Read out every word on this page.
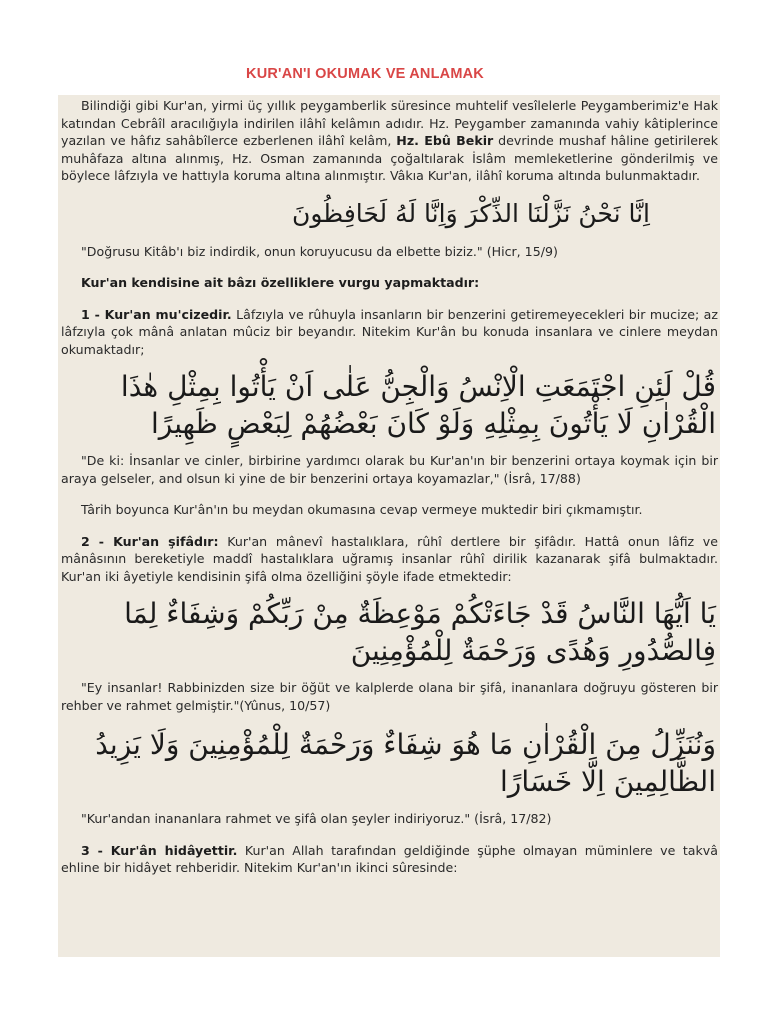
KUR'AN'I OKUMAK VE ANLAMAK

Bilindiği gibi Kur'an, yirmi üç yıllık peygamberlik süresince muhtelif vesîlelerle Peygamberimiz'e Hak katından Cebrâîl aracılığıyla indirilen ilâhî kelâmın adıdır. Hz. Peygamber zamanında vahiy kâtiplerince yazılan ve hâfız sahâbîlerce ezberlenen ilâhî kelâm, Hz. Ebû Bekir devrinde mushaf hâline getirilerek muhâfaza altına alınmış, Hz. Osman zamanında çoğaltılarak İslâm memleketlerine gönderilmiş ve böylece lâfzıyla ve hattıyla koruma altına alınmıştır. Vâkıa Kur'an, ilâhî koruma altında bulunmaktadır.

اِنَّا نَحْنُ نَزَّلْنَا الذِّكْرَ وَاِنَّا لَهُ لَحَافِظُونَ

"Doğrusu Kitâb'ı biz indirdik, onun koruyucusu da elbette biziz." (Hicr, 15/9)

Kur'an kendisine ait bâzı özelliklere vurgu yapmaktadır:

1 - Kur'an mu'cizedir. Lâfzıyla ve rûhuyla insanların bir benzerini getiremeyecekleri bir mucize; az lâfzıyla çok mânâ anlatan mûciz bir beyandır. Nitekim Kur'ân bu konuda insanlara ve cinlere meydan okumaktadır;

قُلْ لَئِنِ اجْتَمَعَتِ الْاِنْسُ وَالْجِنُّ عَلٰى اَنْ يَأْتُوا بِمِثْلِ هٰذَا

الْقُرْاٰنِ لَا يَأْتُونَ بِمِثْلِهِ وَلَوْ كَانَ بَعْضُهُمْ لِبَعْضٍ ظَهِيرًا

"De ki: İnsanlar ve cinler, birbirine yardımcı olarak bu Kur'an'ın bir benzerini ortaya koymak için bir araya gelseler, and olsun ki yine de bir benzerini ortaya koyamazlar," (İsrâ, 17/88)

Târih boyunca Kur'ân'ın bu meydan okumasına cevap vermeye muktedir biri çıkmamıştır.

2 - Kur'an şifâdır: Kur'an mânevî hastalıklara, rûhî dertlere bir şifâdır. Hattâ onun lâfiz ve mânâsının bereketiyle maddî hastalıklara uğramış insanlar rûhî dirilik kazanarak şifâ bulmaktadır. Kur'an iki âyetiyle kendisinin şifâ olma özelliğini şöyle ifade etmektedir:

يَا اَيُّهَا النَّاسُ قَدْ جَاءَتْكُمْ مَوْعِظَةٌ مِنْ رَبِّكُمْ وَشِفَاءٌ لِمَا

فِالصُّدُورِ وَهُدًى وَرَحْمَةٌ لِلْمُؤْمِنِينَ

"Ey insanlar! Rabbinizden size bir öğüt ve kalplerde olana bir şifâ, inananlara doğruyu gösteren bir rehber ve rahmet gelmiştir."(Yûnus, 10/57)

وَنُنَزِّلُ مِنَ الْقُرْاٰنِ مَا هُوَ شِفَاءٌ وَرَحْمَةٌ لِلْمُؤْمِنِينَ وَلَا يَزِيدُ

الظَّالِمِينَ اِلَّا خَسَارًا

"Kur'andan inananlara rahmet ve şifâ olan şeyler indiriyoruz." (İsrâ, 17/82)

3 - Kur'ân hidâyettir. Kur'an Allah tarafından geldiğinde şüphe olmayan müminlere ve takvâ ehline bir hidâyet rehberidir. Nitekim Kur'an'ın ikinci sûresinde:
